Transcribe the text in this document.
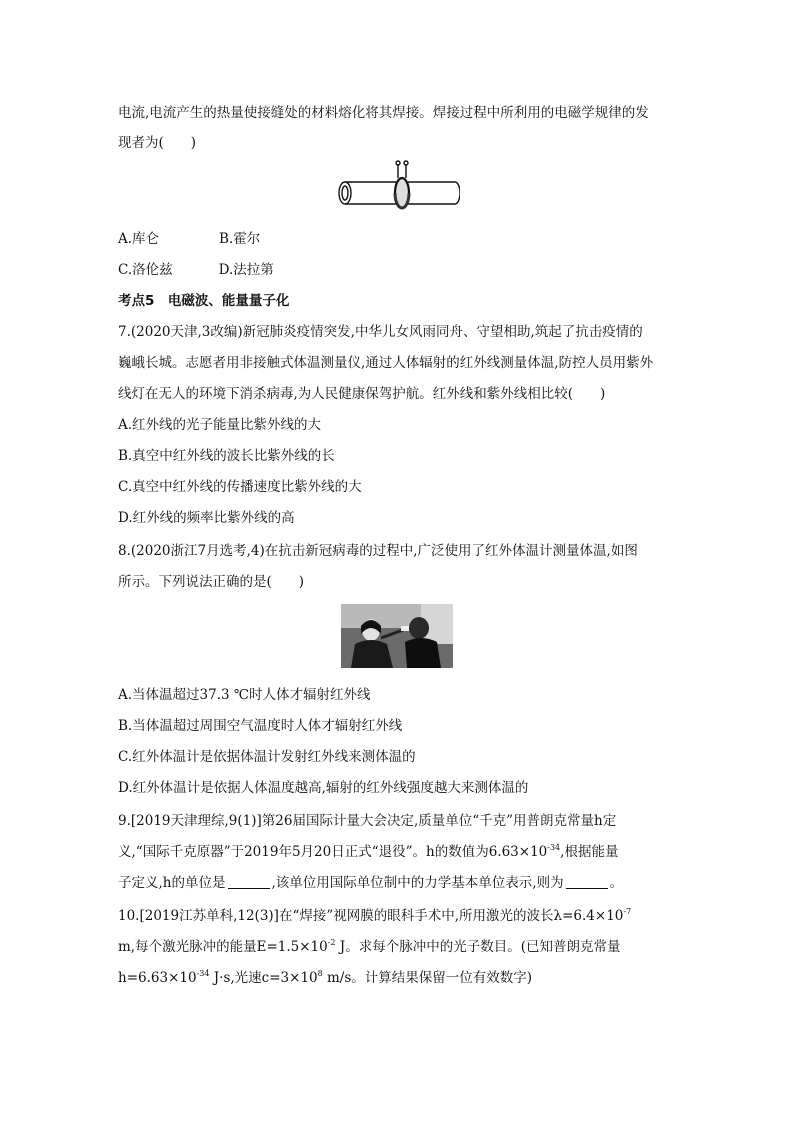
电流,电流产生的热量使接缝处的材料熔化将其焊接。焊接过程中所利用的电磁学规律的发
现者为(　　)
A.库仑	B.霍尔
C.洛伦兹	D.法拉第
考点5　电磁波、能量量子化
7.(2020天津,3改编)新冠肺炎疫情突发,中华儿女风雨同舟、守望相助,筑起了抗击疫情的
巍峨长城。志愿者用非接触式体温测量仪,通过人体辐射的红外线测量体温,防控人员用紫外
线灯在无人的环境下消杀病毒,为人民健康保驾护航。红外线和紫外线相比较(　　)
A.红外线的光子能量比紫外线的大
B.真空中红外线的波长比紫外线的长
C.真空中红外线的传播速度比紫外线的大
D.红外线的频率比紫外线的高
8.(2020浙江7月选考,4)在抗击新冠病毒的过程中,广泛使用了红外体温计测量体温,如图
所示。下列说法正确的是(　　)
A.当体温超过37.3 ℃时人体才辐射红外线
B.当体温超过周围空气温度时人体才辐射红外线
C.红外体温计是依据体温计发射红外线来测体温的
D.红外体温计是依据人体温度越高,辐射的红外线强度越大来测体温的
9.[2019天津理综,9(1)]第26届国际计量大会决定,质量单位“千克”用普朗克常量h定
义,“国际千克原器”于2019年5月20日正式“退役”。h的数值为$6.63\times 10^{-34}$,根据能量
子定义,h的单位是	,该单位用国际单位制中的力学基本单位表示,则为	。
10.[2019江苏单科,12(3)]在“焊接”视网膜的眼科手术中,所用激光的波长$\lambda=6.4\times 10^{-7}$
m,每个激光脉冲的能量$E=1.5\times 10^{-2}$ J。求每个脉冲中的光子数目。(已知普朗克常量
$h=6.63\times 10^{-34}$ J·s,光速$c=3\times 10^8$ m/s。计算结果保留一位有效数字)
